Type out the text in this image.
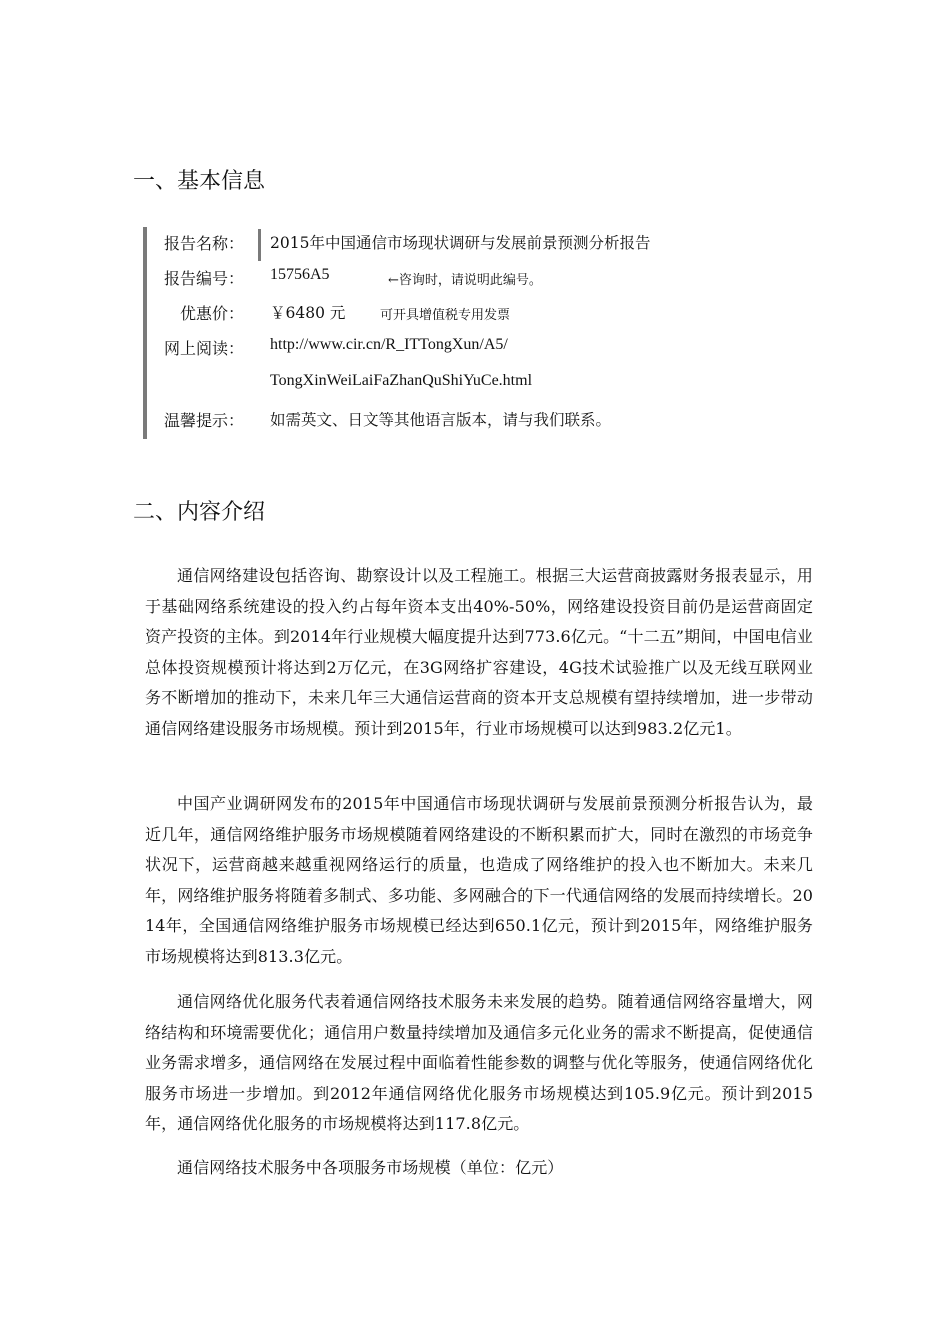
一、基本信息
报告名称： 2015年中国通信市场现状调研与发展前景预测分析报告
报告编号： 15756A5	←咨询时，请说明此编号。
优惠价： ￥6480 元	可开具增值税专用发票
网上阅读： http://www.cir.cn/R_ITTongXun/A5/
TongXinWeiLaiFaZhanQuShiYuCe.html
温馨提示： 如需英文、日文等其他语言版本，请与我们联系。
二、内容介绍

通信网络建设包括咨询、勘察设计以及工程施工。根据三大运营商披露财务报表显示，用于基础网络系统建设的投入约占每年资本支出40%-50%，网络建设投资目前仍是运营商固定资产投资的主体。到2014年行业规模大幅度提升达到773.6亿元。“十二五”期间，中国电信业总体投资规模预计将达到2万亿元，在3G网络扩容建设，4G技术试验推广以及无线互联网业务不断增加的推动下，未来几年三大通信运营商的资本开支总规模有望持续增加，进一步带动通信网络建设服务市场规模。预计到2015年，行业市场规模可以达到983.2亿元1。

中国产业调研网发布的2015年中国通信市场现状调研与发展前景预测分析报告认为，最近几年，通信网络维护服务市场规模随着网络建设的不断积累而扩大，同时在激烈的市场竞争状况下，运营商越来越重视网络运行的质量，也造成了网络维护的投入也不断加大。未来几年，网络维护服务将随着多制式、多功能、多网融合的下一代通信网络的发展而持续增长。2014年，全国通信网络维护服务市场规模已经达到650.1亿元，预计到2015年，网络维护服务市场规模将达到813.3亿元。

通信网络优化服务代表着通信网络技术服务未来发展的趋势。随着通信网络容量增大，网络结构和环境需要优化；通信用户数量持续增加及通信多元化业务的需求不断提高，促使通信业务需求增多，通信网络在发展过程中面临着性能参数的调整与优化等服务，使通信网络优化服务市场进一步增加。到2012年通信网络优化服务市场规模达到105.9亿元。预计到2015年，通信网络优化服务的市场规模将达到117.8亿元。

通信网络技术服务中各项服务市场规模（单位：亿元）
